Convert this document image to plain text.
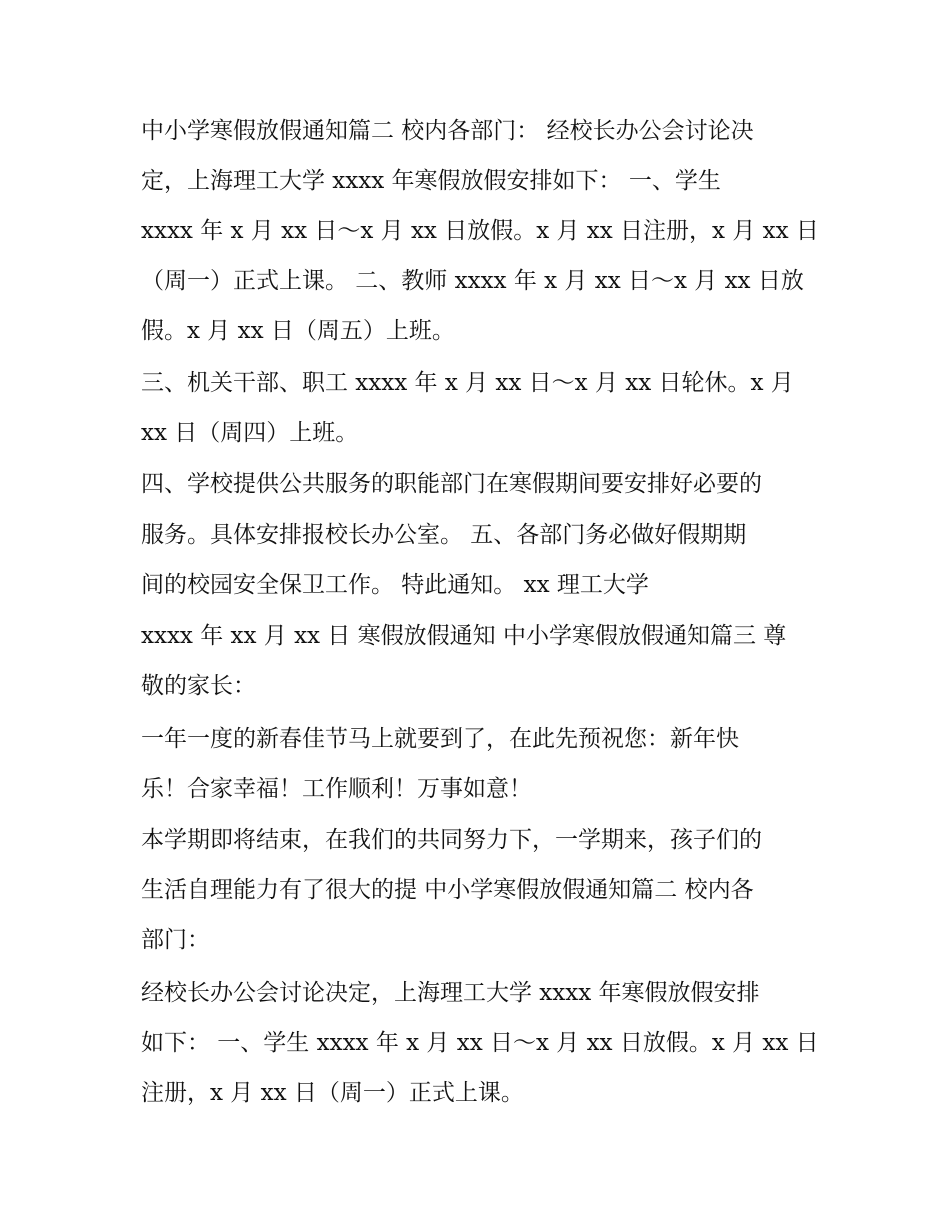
中小学寒假放假通知篇二 校内各部门： 经校长办公会讨论决

定，上海理工大学 xxxx 年寒假放假安排如下： 一、学生

xxxx 年 x 月 xx 日～x 月 xx 日放假。x 月 xx 日注册，x 月 xx 日

（周一）正式上课。 二、教师 xxxx 年 x 月 xx 日～x 月 xx 日放

假。x 月 xx 日（周五）上班。

三、机关干部、职工 xxxx 年 x 月 xx 日～x 月 xx 日轮休。x 月

xx 日（周四）上班。

四、学校提供公共服务的职能部门在寒假期间要安排好必要的

服务。具体安排报校长办公室。 五、各部门务必做好假期期

间的校园安全保卫工作。 特此通知。 xx 理工大学

xxxx 年 xx 月 xx 日 寒假放假通知 中小学寒假放假通知篇三 尊

敬的家长：

一年一度的新春佳节马上就要到了，在此先预祝您：新年快

乐！合家幸福！工作顺利！万事如意！

本学期即将结束，在我们的共同努力下，一学期来，孩子们的

生活自理能力有了很大的提 中小学寒假放假通知篇二 校内各

部门：

经校长办公会讨论决定，上海理工大学 xxxx 年寒假放假安排

如下： 一、学生 xxxx 年 x 月 xx 日～x 月 xx 日放假。x 月 xx 日

注册，x 月 xx 日（周一）正式上课。
